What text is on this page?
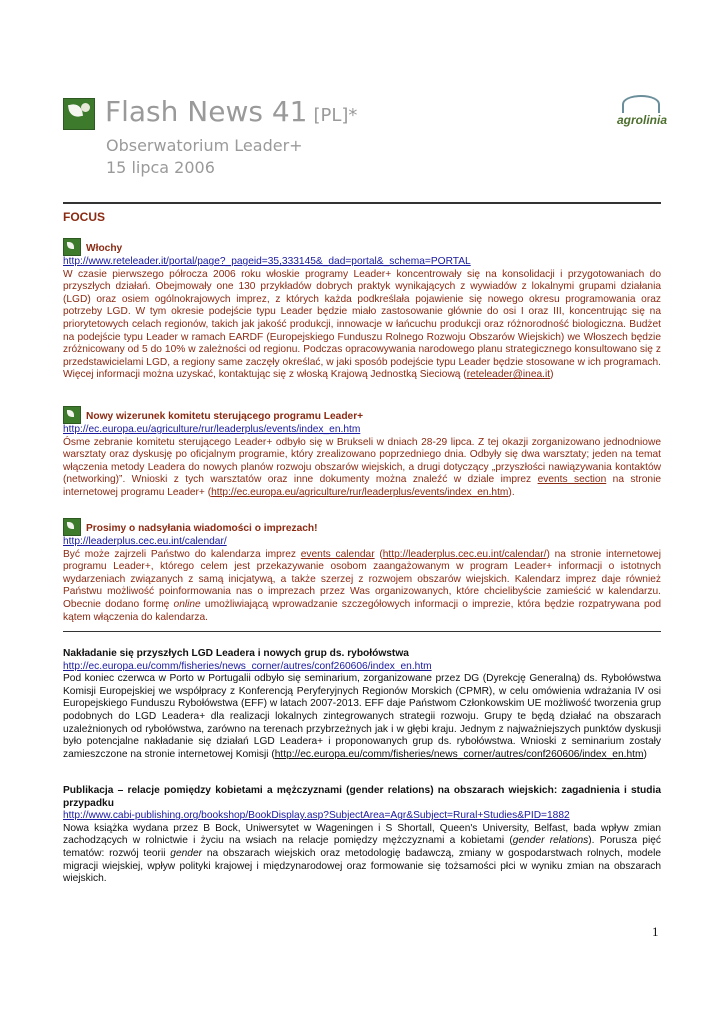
Flash News 41 [PL]*
Obserwatorium Leader+
15 lipca 2006
agrolinia
FOCUS
Włochy
http://www.reteleader.it/portal/page?_pageid=35,333145&_dad=portal&_schema=PORTAL
W czasie pierwszego półrocza 2006 roku włoskie programy Leader+ koncentrowały się na konsolidacji i przygotowaniach do przyszłych działań. Obejmowały one 130 przykładów dobrych praktyk wynikających z wywiadów z lokalnymi grupami działania (LGD) oraz osiem ogólnokrajowych imprez, z których każda podkreślała pojawienie się nowego okresu programowania oraz potrzeby LGD. W tym okresie podejście typu Leader będzie miało zastosowanie głównie do osi I oraz III, koncentrując się na priorytetowych celach regionów, takich jak jakość produkcji, innowacje w łańcuchu produkcji oraz różnorodność biologiczna. Budżet na podejście typu Leader w ramach EARDF (Europejskiego Funduszu Rolnego Rozwoju Obszarów Wiejskich) we Włoszech będzie zróżnicowany od 5 do 10% w zależności od regionu. Podczas opracowywania narodowego planu strategicznego konsultowano się z przedstawicielami LGD, a regiony same zaczęły określać, w jaki sposób podejście typu Leader będzie stosowane w ich programach. Więcej informacji można uzyskać, kontaktując się z włoską Krajową Jednostką Sieciową (reteleader@inea.it)
Nowy wizerunek komitetu sterującego programu Leader+
http://ec.europa.eu/agriculture/rur/leaderplus/events/index_en.htm
Ósme zebranie komitetu sterującego Leader+ odbyło się w Brukseli w dniach 28-29 lipca. Z tej okazji zorganizowano jednodniowe warsztaty oraz dyskusję po oficjalnym programie, który zrealizowano poprzedniego dnia. Odbyły się dwa warsztaty; jeden na temat włączenia metody Leadera do nowych planów rozwoju obszarów wiejskich, a drugi dotyczący „przyszłości nawiązywania kontaktów (networking)”. Wnioski z tych warsztatów oraz inne dokumenty można znaleźć w dziale imprez events section na stronie internetowej programu Leader+ (http://ec.europa.eu/agriculture/rur/leaderplus/events/index_en.htm).
Prosimy o nadsyłania wiadomości o imprezach!
http://leaderplus.cec.eu.int/calendar/
Być może zajrzeli Państwo do kalendarza imprez events calendar (http://leaderplus.cec.eu.int/calendar/) na stronie internetowej programu Leader+, którego celem jest przekazywanie osobom zaangażowanym w program Leader+ informacji o istotnych wydarzeniach związanych z samą inicjatywą, a także szerzej z rozwojem obszarów wiejskich. Kalendarz imprez daje również Państwu możliwość poinformowania nas o imprezach przez Was organizowanych, które chcielibyście zamieścić w kalendarzu. Obecnie dodano formę online umożliwiającą wprowadzanie szczegółowych informacji o imprezie, która będzie rozpatrywana pod kątem włączenia do kalendarza.
Nakładanie się przyszłych LGD Leadera i nowych grup ds. rybołówstwa
http://ec.europa.eu/comm/fisheries/news_corner/autres/conf260606/index_en.htm
Pod koniec czerwca w Porto w Portugalii odbyło się seminarium, zorganizowane przez DG (Dyrekcję Generalną) ds. Rybołówstwa Komisji Europejskiej we współpracy z Konferencją Peryferyjnych Regionów Morskich (CPMR), w celu omówienia wdrażania IV osi Europejskiego Funduszu Rybołówstwa (EFF) w latach 2007-2013. EFF daje Państwom Członkowskim UE możliwość tworzenia grup podobnych do LGD Leadera+ dla realizacji lokalnych zintegrowanych strategii rozwoju. Grupy te będą działać na obszarach uzależnionych od rybołówstwa, zarówno na terenach przybrzeżnych jak i w głębi kraju. Jednym z najważniejszych punktów dyskusji było potencjalne nakładanie się działań LGD Leadera+ i proponowanych grup ds. rybołówstwa. Wnioski z seminarium zostały zamieszczone na stronie internetowej Komisji (http://ec.europa.eu/comm/fisheries/news_corner/autres/conf260606/index_en.htm)
Publikacja – relacje pomiędzy kobietami a mężczyznami (gender relations) na obszarach wiejskich: zagadnienia i studia przypadku
http://www.cabi-publishing.org/bookshop/BookDisplay.asp?SubjectArea=Agr&Subject=Rural+Studies&PID=1882
Nowa książka wydana przez B Bock, Uniwersytet w Wageningen i S Shortall, Queen's University, Belfast, bada wpływ zmian zachodzących w rolnictwie i życiu na wsiach na relacje pomiędzy mężczyznami a kobietami (gender relations). Porusza pięć tematów: rozwój teorii gender na obszarach wiejskich oraz metodologię badawczą, zmiany w gospodarstwach rolnych, modele migracji wiejskiej, wpływ polityki krajowej i międzynarodowej oraz formowanie się tożsamości płci w wyniku zmian na obszarach wiejskich.
1
